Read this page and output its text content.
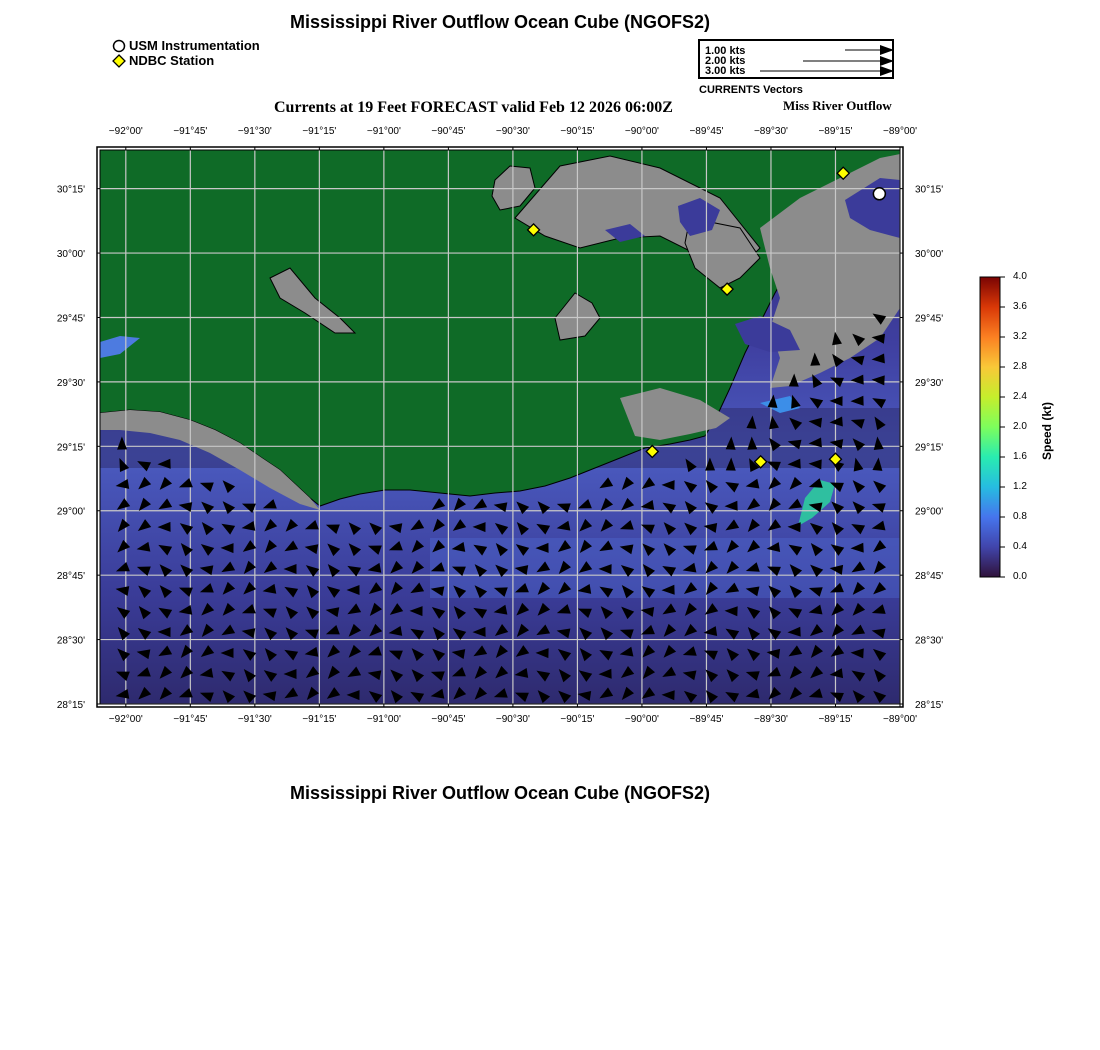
Mississippi River Outflow Ocean Cube (NGOFS2)
USM Instrumentation
NDBC Station
1.00 kts
2.00 kts
3.00 kts
CURRENTS Vectors
Currents at 19 Feet FORECAST valid Feb 12 2026 06:00Z	Miss River Outflow
−92°00'
−92°00'
−91°45'
−91°45'
−91°30'
−91°30'
−91°15'
−91°15'
−91°00'
−91°00'
−90°45'
−90°45'
−90°30'
−90°30'
−90°15'
−90°15'
−90°00'
−90°00'
−89°45'
−89°45'
−89°30'
−89°30'
−89°15'
−89°15'
−89°00'
−89°00'
30°15'	30°15'
30°00'	30°00'
29°45'	29°45'
29°30'	29°30'
29°15'	29°15'
29°00'	29°00'
28°45'	28°45'
28°30'	28°30'
28°15'	28°15'
4.0
3.6
3.2
2.8
2.4
2.0
1.6
1.2
0.8
0.4
0.0
Speed (kt)
Mississippi River Outflow Ocean Cube (NGOFS2)
